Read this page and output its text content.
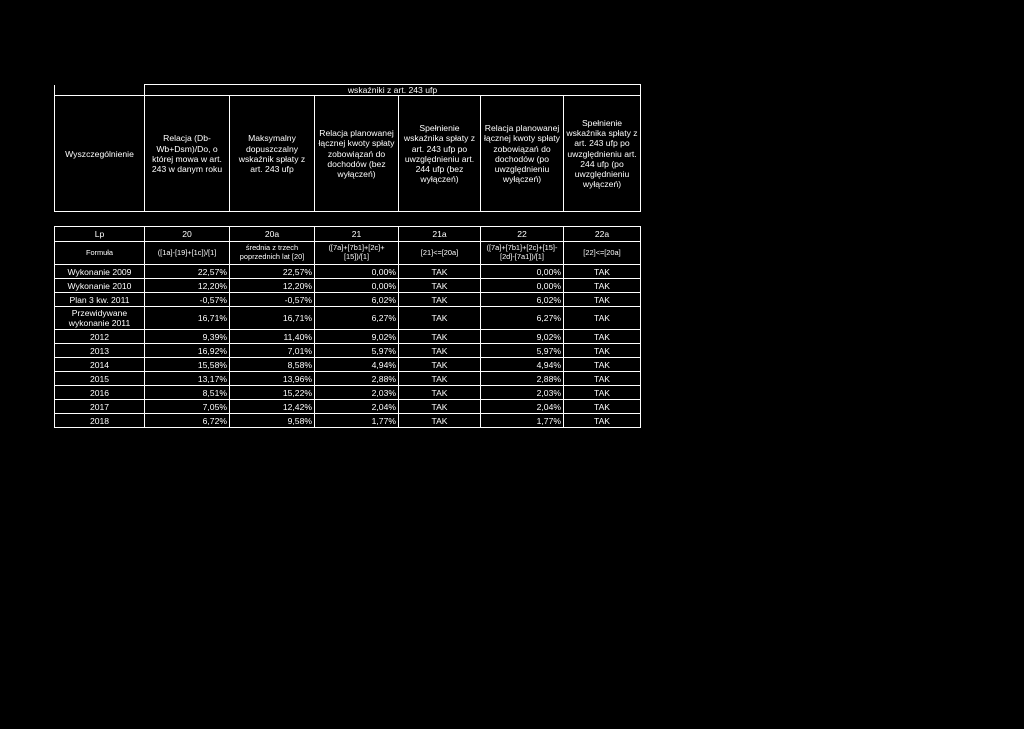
	wskaźniki z art. 243 ufp					
Wyszczególnienie	Relacja (Db-Wb+Dsm)/Do, o której mowa w art. 243 w danym roku	Maksymalny dopuszczalny wskaźnik spłaty z art. 243 ufp	Relacja planowanej łącznej kwoty spłaty zobowiązań do dochodów (bez wyłączeń)	Spełnienie wskaźnika spłaty z art. 243 ufp po uwzględnieniu art. 244 ufp (bez wyłączeń)	Relacja planowanej łącznej kwoty spłaty zobowiązań do dochodów (po uwzględnieniu wyłączeń)	Spełnienie wskaźnika spłaty z art. 243 ufp po uwzględnieniu art. 244 ufp (po uwzględnieniu wyłączeń)

Lp	20	20a	21	21a	22	22a
Formuła	([1a]-[19]+[1c])/[1]	średnia z trzech poprzednich lat [20]	([7a]+[7b1]+[2c]+[15])/[1]	[21]<=[20a]	([7a]+[7b1]+[2c]+[15]-[2d]-[7a1])/[1]	[22]<=[20a]
Wykonanie 2009	22,57%	22,57%	0,00%	TAK	0,00%	TAK
Wykonanie 2010	12,20%	12,20%	0,00%	TAK	0,00%	TAK
Plan 3 kw. 2011	-0,57%	-0,57%	6,02%	TAK	6,02%	TAK
Przewidywane wykonanie 2011	16,71%	16,71%	6,27%	TAK	6,27%	TAK
2012	9,39%	11,40%	9,02%	TAK	9,02%	TAK
2013	16,92%	7,01%	5,97%	TAK	5,97%	TAK
2014	15,58%	8,58%	4,94%	TAK	4,94%	TAK
2015	13,17%	13,96%	2,88%	TAK	2,88%	TAK
2016	8,51%	15,22%	2,03%	TAK	2,03%	TAK
2017	7,05%	12,42%	2,04%	TAK	2,04%	TAK
2018	6,72%	9,58%	1,77%	TAK	1,77%	TAK
